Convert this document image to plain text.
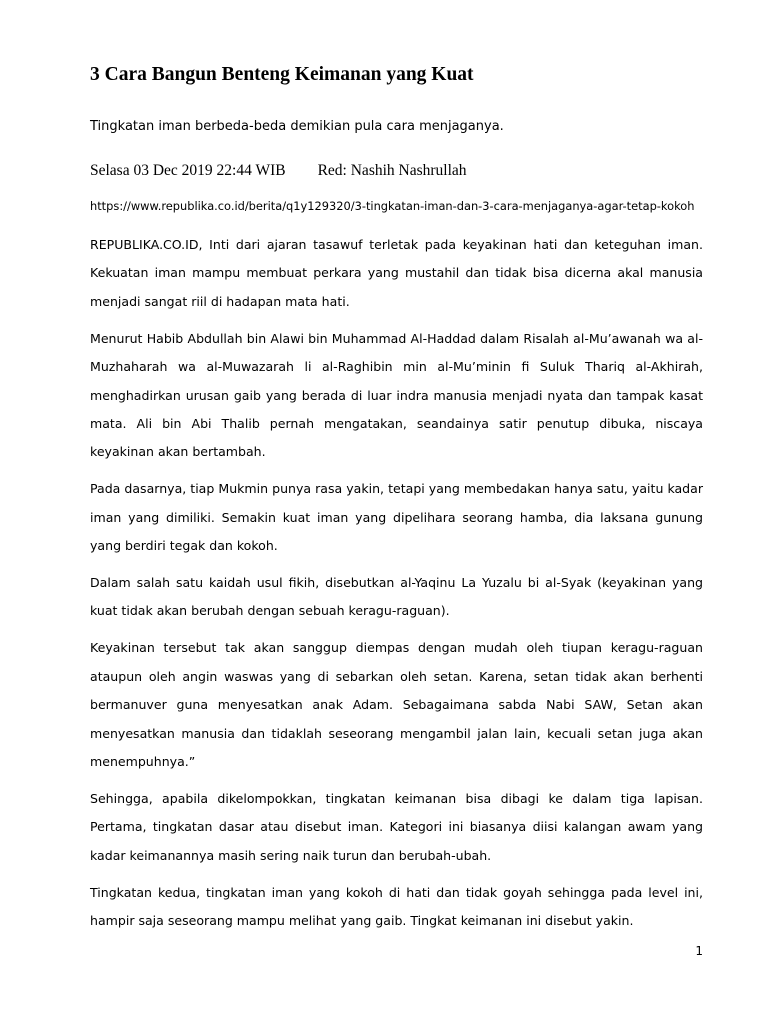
3 Cara Bangun Benteng Keimanan yang Kuat

Tingkatan iman berbeda-beda demikian pula cara menjaganya.

Selasa 03 Dec 2019 22:44 WIB Red: Nashih Nashrullah

https://www.republika.co.id/berita/q1y129320/3-tingkatan-iman-dan-3-cara-menjaganya-agar-tetap-kokoh

REPUBLIKA.CO.ID, Inti dari ajaran tasawuf terletak pada keyakinan hati dan keteguhan iman. Kekuatan iman mampu membuat perkara yang mustahil dan tidak bisa dicerna akal manusia menjadi sangat riil di hadapan mata hati.

Menurut Habib Abdullah bin Alawi bin Muhammad Al-Haddad dalam Risalah al-Mu’awanah wa al-Muzhaharah wa al-Muwazarah li al-Raghibin min al-Mu’minin fi Suluk Thariq al-Akhirah, menghadirkan urusan gaib yang berada di luar indra manusia menjadi nyata dan tampak kasat mata. Ali bin Abi Thalib pernah mengatakan, seandainya satir penutup dibuka, niscaya keyakinan akan bertambah.

Pada dasarnya, tiap Mukmin punya rasa yakin, tetapi yang membedakan hanya satu, yaitu kadar iman yang dimiliki. Semakin kuat iman yang dipelihara seorang hamba, dia laksana gunung yang berdiri tegak dan kokoh.

Dalam salah satu kaidah usul fikih, disebutkan al-Yaqinu La Yuzalu bi al-Syak (keyakinan yang kuat tidak akan berubah dengan sebuah keragu-raguan).

Keyakinan tersebut tak akan sanggup diempas dengan mudah oleh tiupan keragu-raguan ataupun oleh angin waswas yang di sebarkan oleh setan. Karena, setan tidak akan berhenti bermanuver guna menyesatkan anak Adam. Sebagaimana sabda Nabi SAW, Setan akan menyesatkan manusia dan tidaklah seseorang mengambil jalan lain, kecuali setan juga akan menempuhnya.”

Sehingga, apabila dikelompokkan, tingkatan keimanan bisa dibagi ke dalam tiga lapisan. Pertama, tingkatan dasar atau disebut iman. Kategori ini biasanya diisi kalangan awam yang kadar keimanannya masih sering naik turun dan berubah-ubah.

Tingkatan kedua, tingkatan iman yang kokoh di hati dan tidak goyah sehingga pada level ini, hampir saja seseorang mampu melihat yang gaib. Tingkat keimanan ini disebut yakin.

1
